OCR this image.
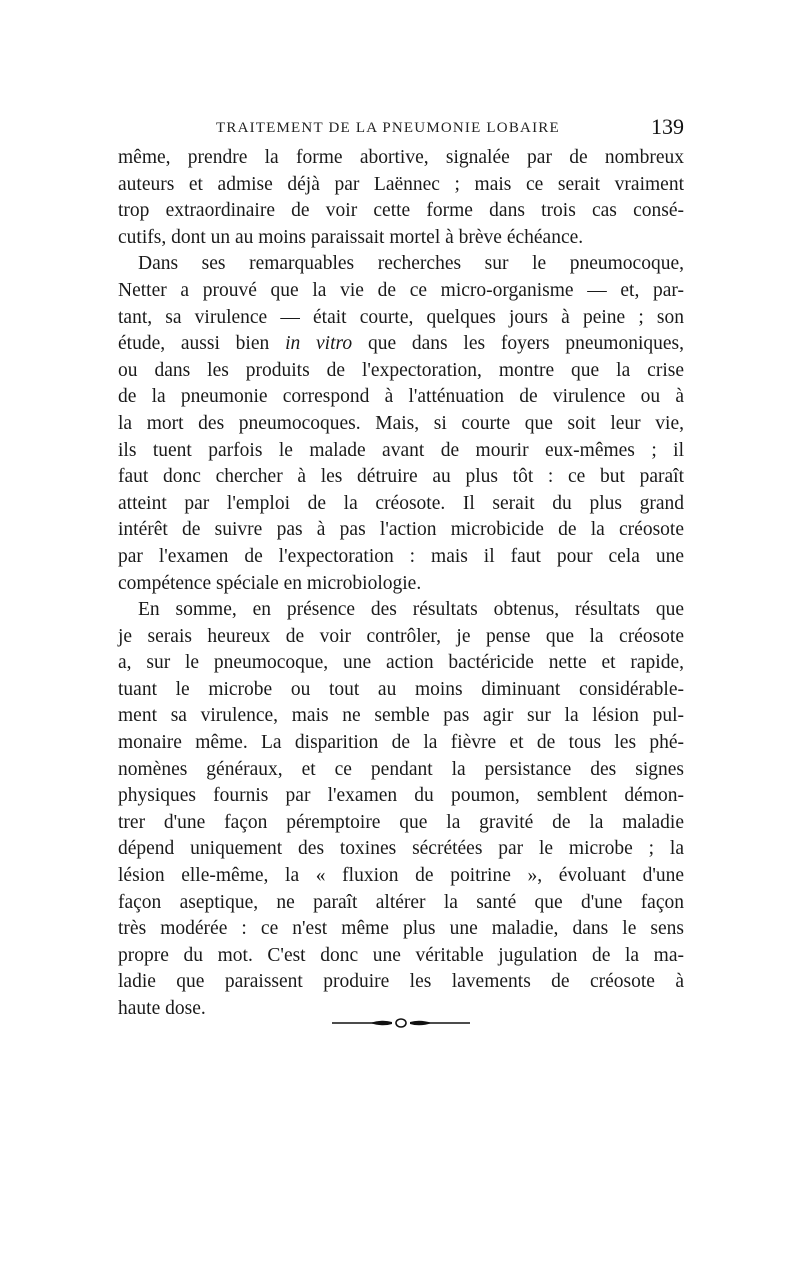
TRAITEMENT DE LA PNEUMONIE LOBAIRE	139
même, prendre la forme abortive, signalée par de nombreux
auteurs et admise déjà par Laënnec ; mais ce serait vraiment
trop extraordinaire de voir cette forme dans trois cas consé-
cutifs, dont un au moins paraissait mortel à brève échéance.
Dans ses remarquables recherches sur le pneumocoque,
Netter a prouvé que la vie de ce micro-organisme — et, par-
tant, sa virulence — était courte, quelques jours à peine ; son
étude, aussi bien in vitro que dans les foyers pneumoniques,
ou dans les produits de l'expectoration, montre que la crise
de la pneumonie correspond à l'atténuation de virulence ou à
la mort des pneumocoques. Mais, si courte que soit leur vie,
ils tuent parfois le malade avant de mourir eux-mêmes ; il
faut donc chercher à les détruire au plus tôt : ce but paraît
atteint par l'emploi de la créosote. Il serait du plus grand
intérêt de suivre pas à pas l'action microbicide de la créosote
par l'examen de l'expectoration : mais il faut pour cela une
compétence spéciale en microbiologie.
En somme, en présence des résultats obtenus, résultats que
je serais heureux de voir contrôler, je pense que la créosote
a, sur le pneumocoque, une action bactéricide nette et rapide,
tuant le microbe ou tout au moins diminuant considérable-
ment sa virulence, mais ne semble pas agir sur la lésion pul-
monaire même. La disparition de la fièvre et de tous les phé-
nomènes généraux, et ce pendant la persistance des signes
physiques fournis par l'examen du poumon, semblent démon-
trer d'une façon péremptoire que la gravité de la maladie
dépend uniquement des toxines sécrétées par le microbe ; la
lésion elle-même, la « fluxion de poitrine », évoluant d'une
façon aseptique, ne paraît altérer la santé que d'une façon
très modérée : ce n'est même plus une maladie, dans le sens
propre du mot. C'est donc une véritable jugulation de la ma-
ladie que paraissent produire les lavements de créosote à
haute dose.
